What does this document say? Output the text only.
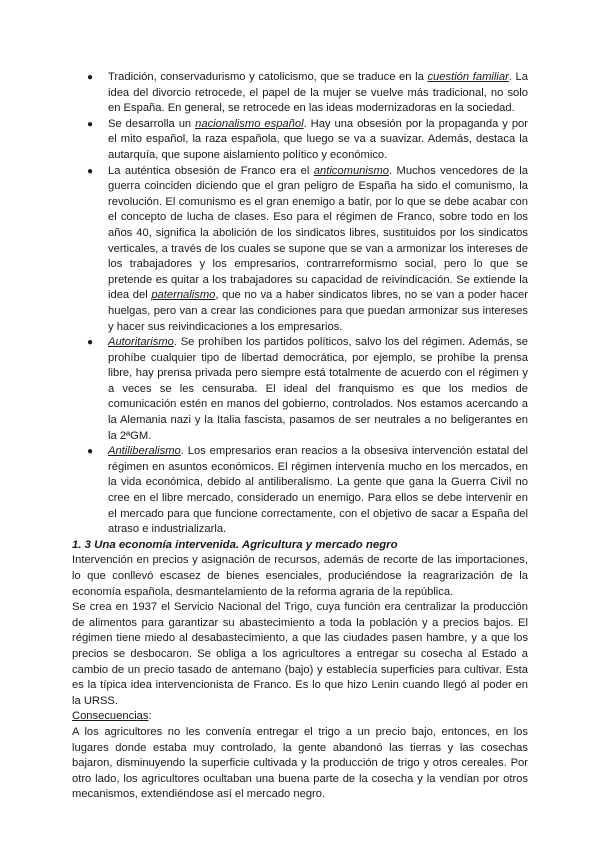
● Tradición, conservadurismo y catolicismo, que se traduce en la cuestión familiar. La idea del divorcio retrocede, el papel de la mujer se vuelve más tradicional, no solo en España. En general, se retrocede en las ideas modernizadoras en la sociedad.
● Se desarrolla un nacionalismo español. Hay una obsesión por la propaganda y por el mito español, la raza española, que luego se va a suavizar. Además, destaca la autarquía, que supone aislamiento político y económico.
● La auténtica obsesión de Franco era el anticomunismo. Muchos vencedores de la guerra coinciden diciendo que el gran peligro de España ha sido el comunismo, la revolución. El comunismo es el gran enemigo a batir, por lo que se debe acabar con el concepto de lucha de clases. Eso para el régimen de Franco, sobre todo en los años 40, significa la abolición de los sindicatos libres, sustituidos por los sindicatos verticales, a través de los cuales se supone que se van a armonizar los intereses de los trabajadores y los empresarios, contrarreformismo social, pero lo que se pretende es quitar a los trabajadores su capacidad de reivindicación. Se extiende la idea del paternalismo, que no va a haber sindicatos libres, no se van a poder hacer huelgas, pero van a crear las condiciones para que puedan armonizar sus intereses y hacer sus reivindicaciones a los empresarios.
● Autoritarismo. Se prohíben los partidos políticos, salvo los del régimen. Además, se prohíbe cualquier tipo de libertad democrática, por ejemplo, se prohíbe la prensa libre, hay prensa privada pero siempre está totalmente de acuerdo con el régimen y a veces se les censuraba. El ideal del franquismo es que los medios de comunicación estén en manos del gobierno, controlados. Nos estamos acercando a la Alemania nazi y la Italia fascista, pasamos de ser neutrales a no beligerantes en la 2ªGM.
● Antiliberalismo. Los empresarios eran reacios a la obsesiva intervención estatal del régimen en asuntos económicos. El régimen intervenía mucho en los mercados, en la vida económica, debido al antiliberalismo. La gente que gana la Guerra Civil no cree en el libre mercado, considerado un enemigo. Para ellos se debe intervenir en el mercado para que funcione correctamente, con el objetivo de sacar a España del atraso e industrializarla.
1. 3 Una economía intervenida. Agricultura y mercado negro

Intervención en precios y asignación de recursos, además de recorte de las importaciones, lo que conllevó escasez de bienes esenciales, produciéndose la reagrarización de la economía española, desmantelamiento de la reforma agraria de la república.

Se crea en 1937 el Servicio Nacional del Trigo, cuya función era centralizar la producción de alimentos para garantizar su abastecimiento a toda la población y a precios bajos. El régimen tiene miedo al desabastecimiento, a que las ciudades pasen hambre, y a que los precios se desbocaron. Se obliga a los agricultores a entregar su cosecha al Estado a cambio de un precio tasado de antemano (bajo) y establecía superficies para cultivar. Esta es la típica idea intervencionista de Franco. Es lo que hizo Lenin cuando llegó al poder en la URSS.

Consecuencias:

A los agricultores no les convenía entregar el trigo a un precio bajo, entonces, en los lugares donde estaba muy controlado, la gente abandonó las tierras y las cosechas bajaron, disminuyendo la superficie cultivada y la producción de trigo y otros cereales. Por otro lado, los agricultores ocultaban una buena parte de la cosecha y la vendían por otros mecanismos, extendiéndose así el mercado negro.
